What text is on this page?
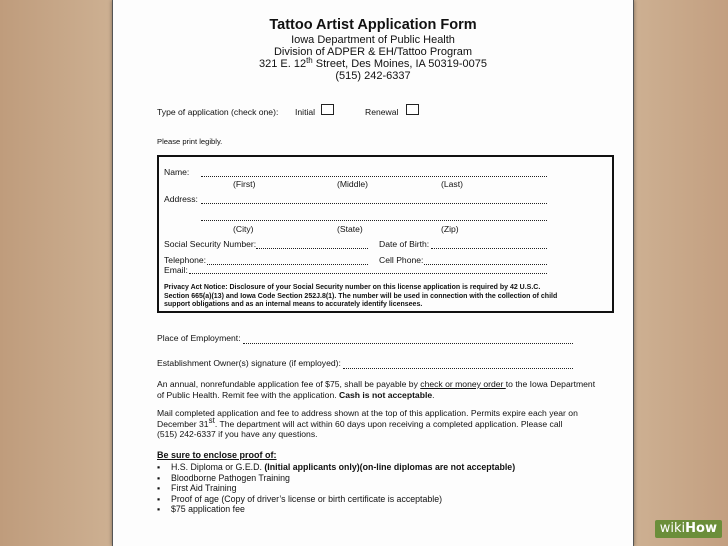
Tattoo Artist Application Form
Iowa Department of Public Health
Division of ADPER & EH/Tattoo Program
321 E. 12th Street, Des Moines, IA 50319-0075
(515) 242-6337
Type of application (check one): Initial	Renewal
Please print legibly.
Name:
(First)	(Middle)	(Last)
Address:
(City)	(State)	(Zip)
Social Security Number:	Date of Birth:
Telephone:	Cell Phone:
Email:
Privacy Act Notice: Disclosure of your Social Security number on this license application is required by 42 U.S.C.
Section 665(a)(13) and Iowa Code Section 252J.8(1). The number will be used in connection with the collection of child
support obligations and as an internal means to accurately identify licensees.
Place of Employment:
Establishment Owner(s) signature (if employed):
An annual, nonrefundable application fee of $75, shall be payable by check or money order to the Iowa Department
of Public Health. Remit fee with the application. Cash is not acceptable.
Mail completed application and fee to address shown at the top of this application. Permits expire each year on
December 31st. The department will act within 60 days upon receiving a completed application. Please call
(515) 242-6337 if you have any questions.
Be sure to enclose proof of:
▪ H.S. Diploma or G.E.D. (Initial applicants only)(on-line diplomas are not acceptable)
▪ Bloodborne Pathogen Training
▪ First Aid Training
▪ Proof of age (Copy of driver’s license or birth certificate is acceptable)
▪ $75 application fee
wikiHow
